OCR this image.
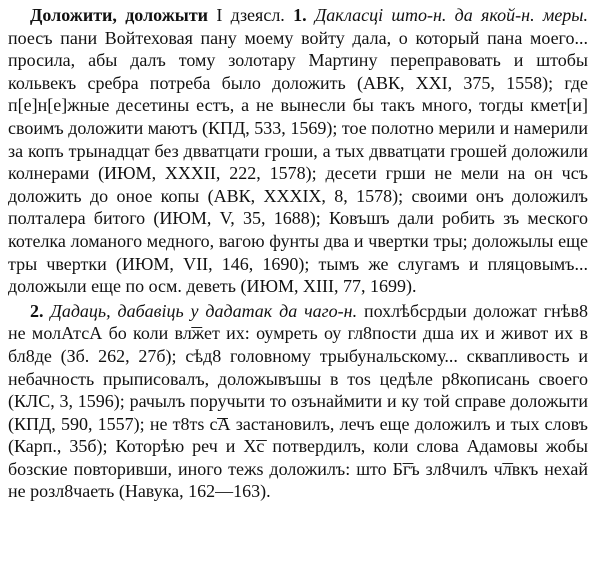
Доложити, доложыти I дзеясл. 1. Дакласці што-н. да якой-н. меры. поесъ пани Войтеховая пану моему войту дала, о который пана моего... просила, абы далъ тому золотару Мартину переправовать и штобы кольвекъ сребра потреба было доложить (АВК, XXI, 375, 1558); где п[е]н[е]жные десетины естъ, а не вынесли бы такъ много, тогды кмет[и] своимъ доложити маютъ (КПД, 533, 1569); тое полотно мерили и намерили за копъ трынадцат без двватцати гроши, а тых двватцати грошей доложили колнерами (ИЮМ, XXXII, 222, 1578); десети грши не мели на он чсъ доложить до оное копы (АВК, XXXIX, 8, 1578); своими онъ доложилъ полталера битого (ИЮМ, V, 35, 1688); Ковъшъ дали робить зъ меского котелка ломаного медного, вагою фунты два и чвертки тры; доложылы еще тры чвертки (ИЮМ, VII, 146, 1690); тымъ же слугамъ и пляцовымъ... доложыли еще по осм. деветь (ИЮМ, XIII, 77, 1699).

2. Дадаць, дабавіць у дадатак да чаго-н. похлѣбсрдыи доложат гнѣв8 не молАтсА бо коли вл͞жет их: оумреть оу гл8пости дша их и живот их в бл8де (Зб. 262, 27б); сѣд8 головному трыбунальскому... сквапливость и небачность прыписовалъ, доложывъшы в тоѕ цедѣле р8кописань своего (КЛС, 3, 1596); рачылъ поручыти то озънаймити и ку той справе доложыти (КПД, 590, 1557); не т8тѕ с͞А застановилъ, лечъ еще доложилъ и тых словъ (Карп., 35б); Которѣю реч и Х͞с потвердилъ, коли слова Адамовы жобы бозские повторивши, иного тежѕ доложилъ: што Б͞гъ зл8чилъ ч͞лвкъ нехай не розл8чаеть (Навука, 162—163).
